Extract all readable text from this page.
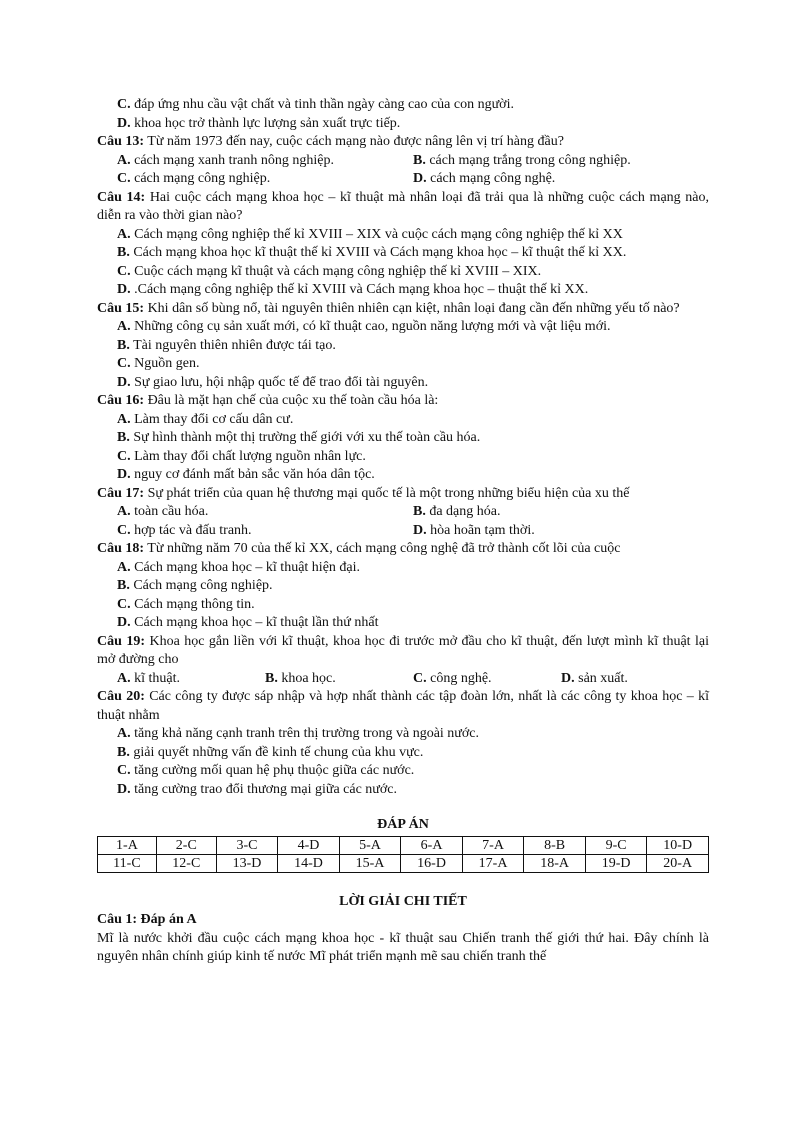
C. đáp ứng nhu cầu vật chất và tinh thần ngày càng cao của con người.
D. khoa học trở thành lực lượng sản xuất trực tiếp.
Câu 13: Từ năm 1973 đến nay, cuộc cách mạng nào được nâng lên vị trí hàng đầu?
A. cách mạng xanh tranh nông nghiệp.	B. cách mạng trắng trong công nghiệp.
C. cách mạng công nghiệp.	D. cách mạng công nghệ.
Câu 14: Hai cuộc cách mạng khoa học – kĩ thuật mà nhân loại đã trải qua là những cuộc cách mạng nào, diễn ra vào thời gian nào?
A. Cách mạng công nghiệp thế kỉ XVIII – XIX và cuộc cách mạng công nghiệp thế kỉ XX
B. Cách mạng khoa học kĩ thuật thế kỉ XVIII và Cách mạng khoa học – kĩ thuật thế kỉ XX.
C. Cuộc cách mạng kĩ thuật và cách mạng công nghiệp thế kỉ XVIII – XIX.
D. .Cách mạng công nghiệp thế kỉ XVIII và Cách mạng khoa học – thuật thế kỉ XX.
Câu 15: Khi dân số bùng nổ, tài nguyên thiên nhiên cạn kiệt, nhân loại đang cần đến những yếu tố nào?
A. Những công cụ sản xuất mới, có kĩ thuật cao, nguồn năng lượng mới và vật liệu mới.
B. Tài nguyên thiên nhiên được tái tạo.
C. Nguồn gen.
D. Sự giao lưu, hội nhập quốc tế để trao đổi tài nguyên.
Câu 16: Đâu là mặt hạn chế của cuộc xu thế toàn cầu hóa là:
A. Làm thay đổi cơ cấu dân cư.
B. Sự hình thành một thị trường thế giới với xu thế toàn cầu hóa.
C. Làm thay đổi chất lượng nguồn nhân lực.
D. nguy cơ đánh mất bản sắc văn hóa dân tộc.
Câu 17: Sự phát triển của quan hệ thương mại quốc tế là một trong những biểu hiện của xu thế
A. toàn cầu hóa.	B. đa dạng hóa.
C. hợp tác và đấu tranh.	D. hòa hoãn tạm thời.
Câu 18: Từ những năm 70 của thế kỉ XX, cách mạng công nghệ đã trở thành cốt lõi của cuộc
A. Cách mạng khoa học – kĩ thuật hiện đại.
B. Cách mạng công nghiệp.
C. Cách mạng thông tin.
D. Cách mạng khoa học – kĩ thuật lần thứ nhất
Câu 19: Khoa học gắn liền với kĩ thuật, khoa học đi trước mở đầu cho kĩ thuật, đến lượt mình kĩ thuật lại mở đường cho
A. kĩ thuật.	B. khoa học.	C. công nghệ.	D. sản xuất.
Câu 20: Các công ty được sáp nhập và hợp nhất thành các tập đoàn lớn, nhất là các công ty khoa học – kĩ thuật nhằm
A. tăng khả năng cạnh tranh trên thị trường trong và ngoài nước.
B. giải quyết những vấn đề kinh tế chung của khu vực.
C. tăng cường mối quan hệ phụ thuộc giữa các nước.
D. tăng cường trao đổi thương mại giữa các nước.
ĐÁP ÁN
1-A	2-C	3-C	4-D	5-A	6-A	7-A	8-B	9-C	10-D
11-C	12-C	13-D	14-D	15-A	16-D	17-A	18-A	19-D	20-A
LỜI GIẢI CHI TIẾT
Câu 1: Đáp án A
Mĩ là nước khởi đầu cuộc cách mạng khoa học - kĩ thuật sau Chiến tranh thế giới thứ hai. Đây chính là nguyên nhân chính giúp kinh tế nước Mĩ phát triển mạnh mẽ sau chiến tranh thế
